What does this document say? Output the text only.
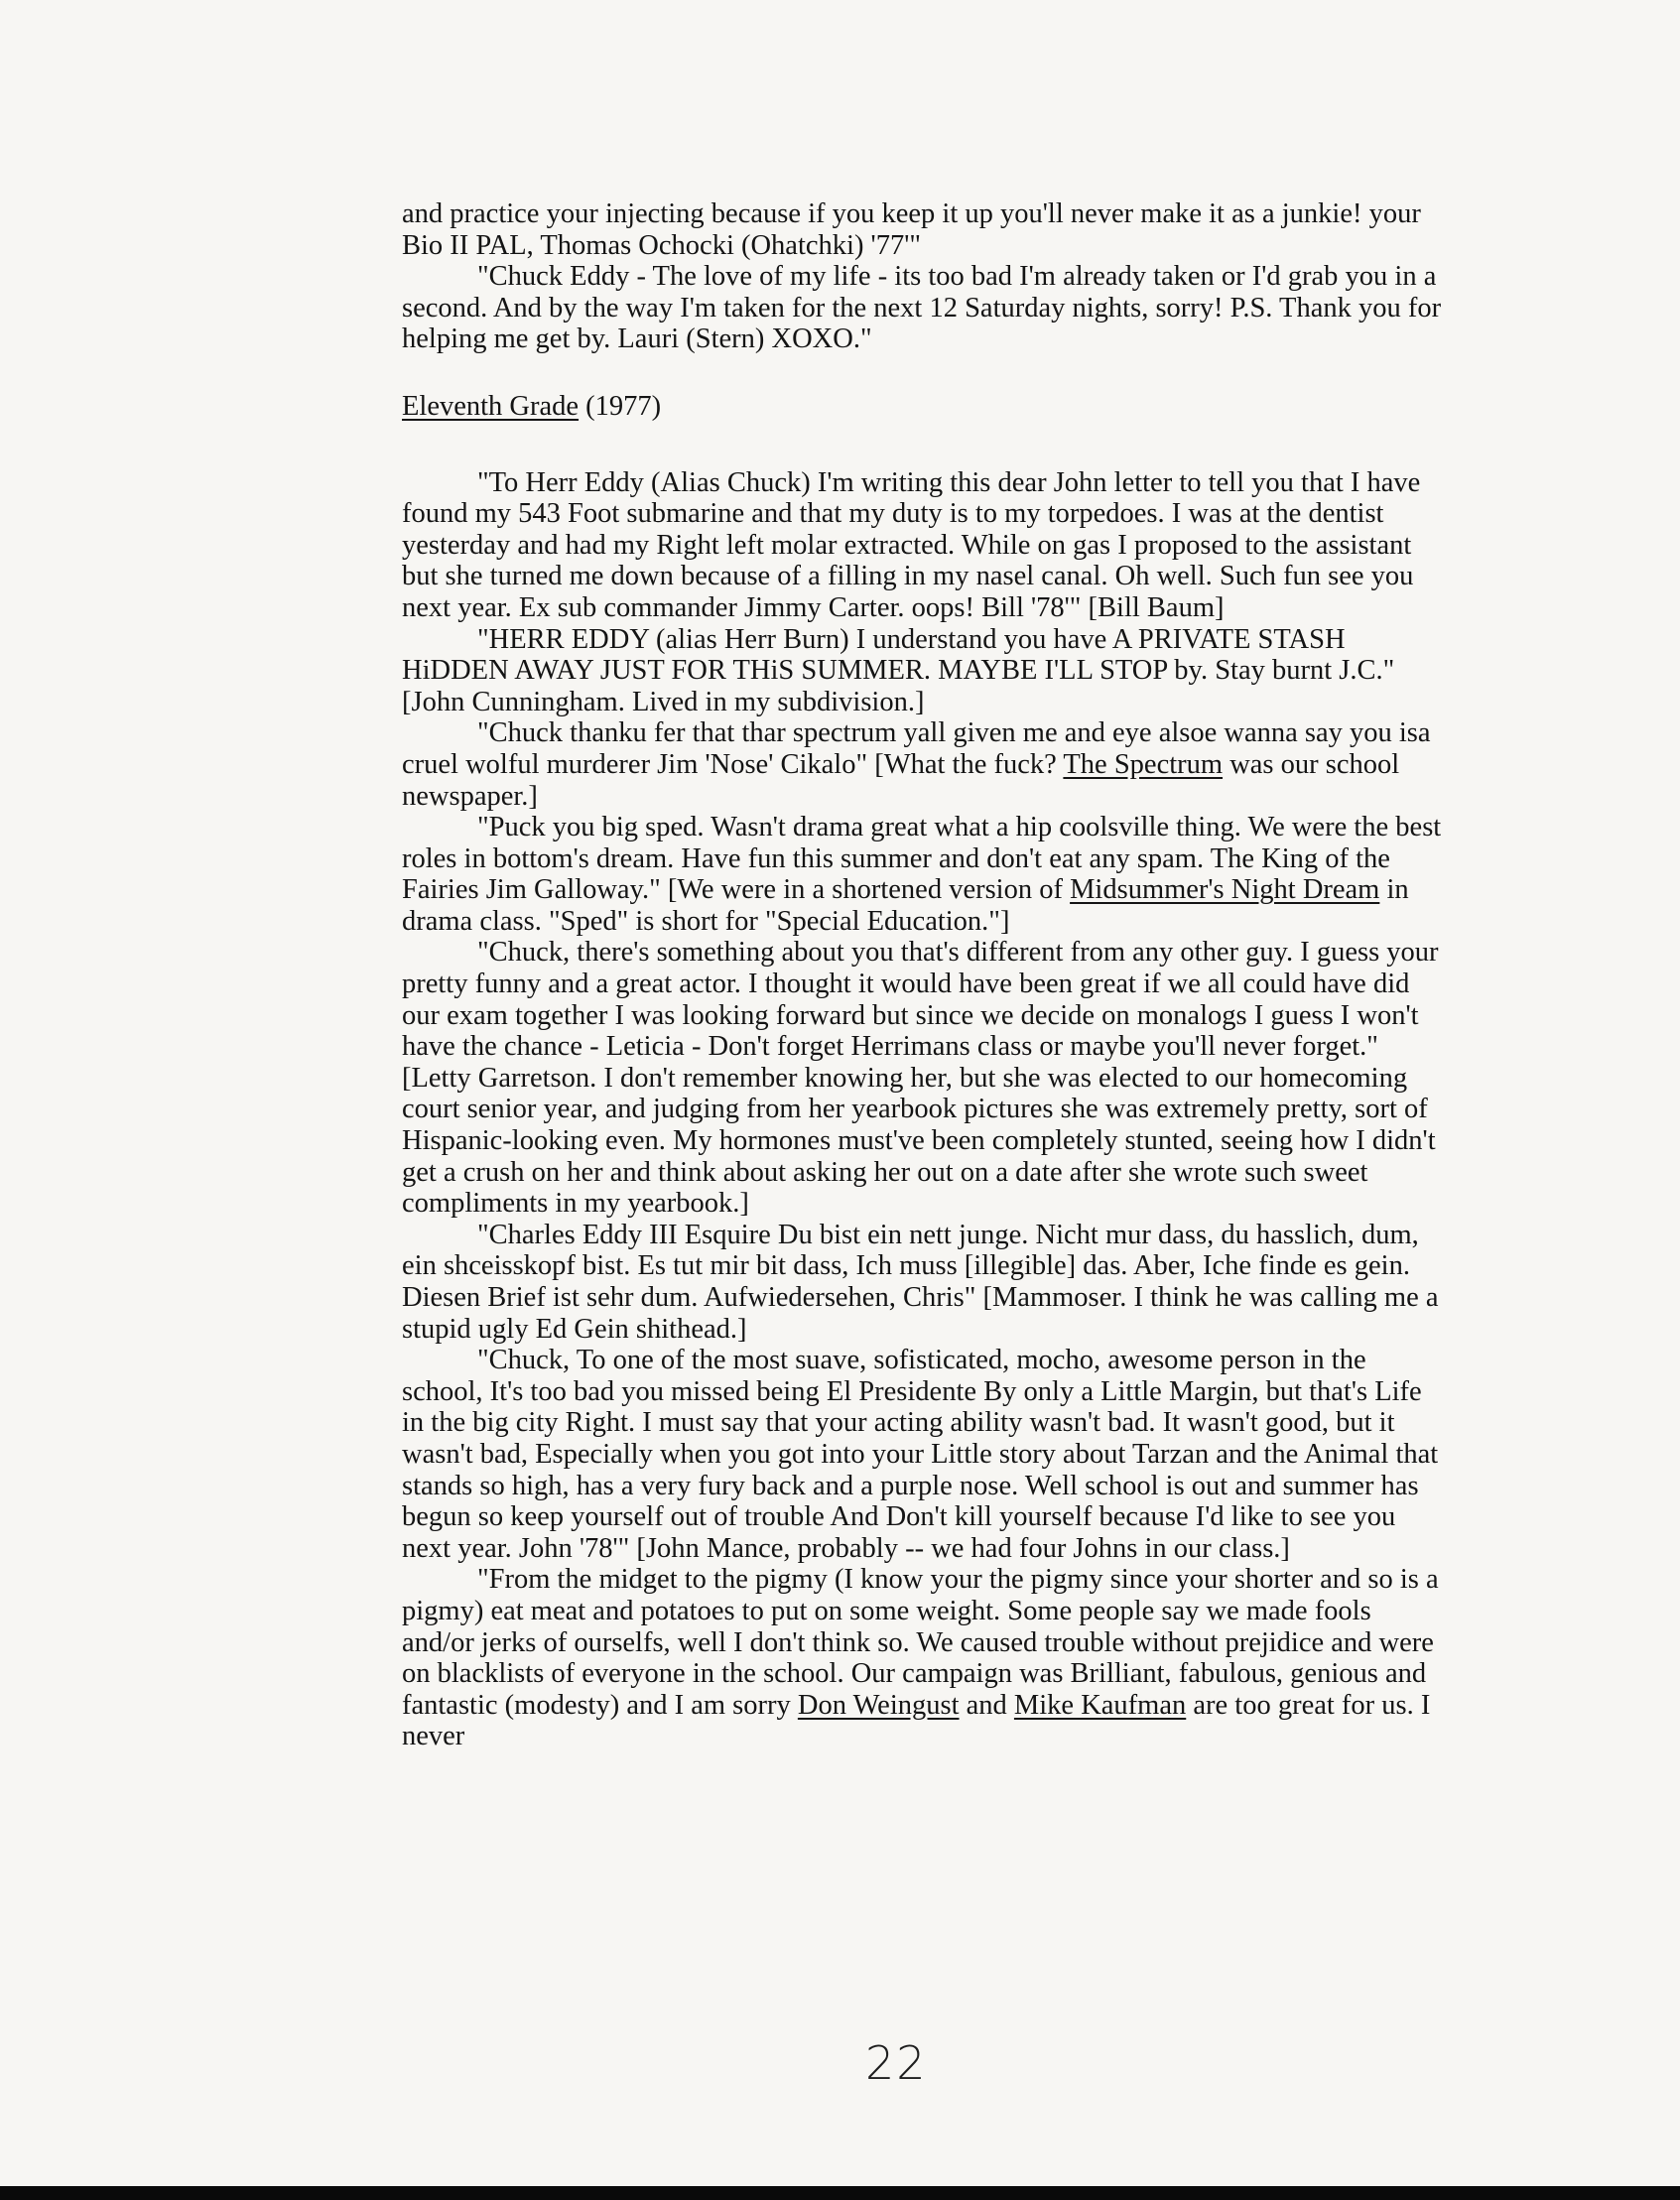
and practice your injecting because if you keep it up you'll never make it as a junkie! your Bio II PAL, Thomas Ochocki (Ohatchki) '77'"

"Chuck Eddy - The love of my life - its too bad I'm already taken or I'd grab you in a second. And by the way I'm taken for the next 12 Saturday nights, sorry! P.S. Thank you for helping me get by. Lauri (Stern) XOXO."

Eleventh Grade (1977)

"To Herr Eddy (Alias Chuck) I'm writing this dear John letter to tell you that I have found my 543 Foot submarine and that my duty is to my torpedoes. I was at the dentist yesterday and had my Right left molar extracted. While on gas I proposed to the assistant but she turned me down because of a filling in my nasel canal. Oh well. Such fun see you next year. Ex sub commander Jimmy Carter. oops! Bill '78'" [Bill Baum]

"HERR EDDY (alias Herr Burn) I understand you have A PRIVATE STASH HiDDEN AWAY JUST FOR THiS SUMMER. MAYBE I'LL STOP by. Stay burnt J.C." [John Cunningham. Lived in my subdivision.]

"Chuck thanku fer that thar spectrum yall given me and eye alsoe wanna say you isa cruel wolful murderer Jim 'Nose' Cikalo" [What the fuck? The Spectrum was our school newspaper.]

"Puck you big sped. Wasn't drama great what a hip coolsville thing. We were the best roles in bottom's dream. Have fun this summer and don't eat any spam. The King of the Fairies Jim Galloway." [We were in a shortened version of Midsummer's Night Dream in drama class. "Sped" is short for "Special Education."]

"Chuck, there's something about you that's different from any other guy. I guess your pretty funny and a great actor. I thought it would have been great if we all could have did our exam together I was looking forward but since we decide on monalogs I guess I won't have the chance - Leticia - Don't forget Herrimans class or maybe you'll never forget." [Letty Garretson. I don't remember knowing her, but she was elected to our homecoming court senior year, and judging from her yearbook pictures she was extremely pretty, sort of Hispanic-looking even. My hormones must've been completely stunted, seeing how I didn't get a crush on her and think about asking her out on a date after she wrote such sweet compliments in my yearbook.]

"Charles Eddy III Esquire Du bist ein nett junge. Nicht mur dass, du hasslich, dum, ein shceisskopf bist. Es tut mir bit dass, Ich muss [illegible] das. Aber, Iche finde es gein. Diesen Brief ist sehr dum. Aufwiedersehen, Chris" [Mammoser. I think he was calling me a stupid ugly Ed Gein shithead.]

"Chuck, To one of the most suave, sofisticated, mocho, awesome person in the school, It's too bad you missed being El Presidente By only a Little Margin, but that's Life in the big city Right. I must say that your acting ability wasn't bad. It wasn't good, but it wasn't bad, Especially when you got into your Little story about Tarzan and the Animal that stands so high, has a very fury back and a purple nose. Well school is out and summer has begun so keep yourself out of trouble And Don't kill yourself because I'd like to see you next year. John '78'" [John Mance, probably -- we had four Johns in our class.]

"From the midget to the pigmy (I know your the pigmy since your shorter and so is a pigmy) eat meat and potatoes to put on some weight. Some people say we made fools and/or jerks of ourselfs, well I don't think so. We caused trouble without prejidice and were on blacklists of everyone in the school. Our campaign was Brilliant, fabulous, genious and fantastic (modesty) and I am sorry Don Weingust and Mike Kaufman are too great for us. I never

22
